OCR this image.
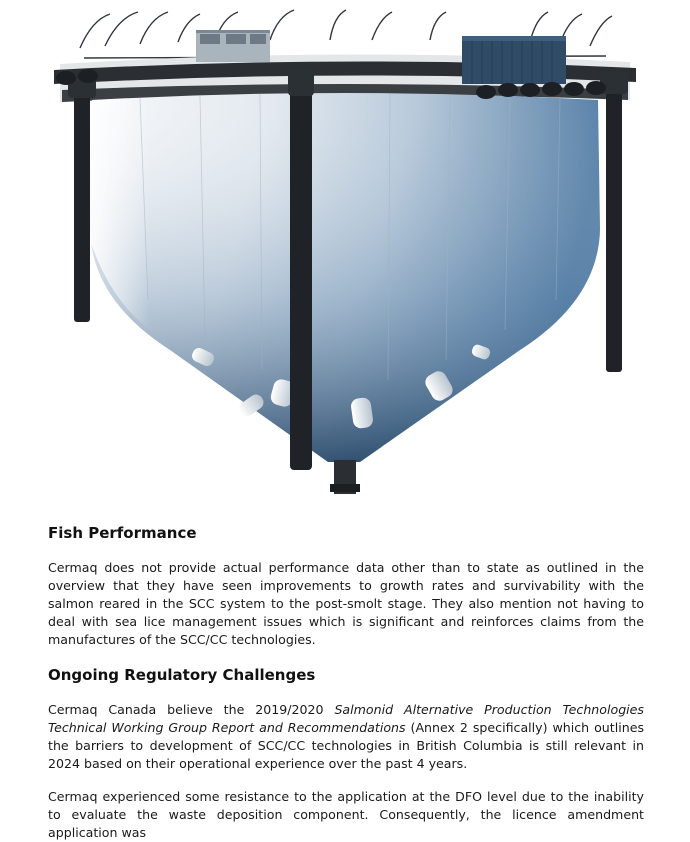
Fish Performance

Cermaq does not provide actual performance data other than to state as outlined in the overview that they have seen improvements to growth rates and survivability with the salmon reared in the SCC system to the post-smolt stage. They also mention not having to deal with sea lice management issues which is significant and reinforces claims from the manufactures of the SCC/CC technologies.

Ongoing Regulatory Challenges

Cermaq Canada believe the 2019/2020 Salmonid Alternative Production Technologies Technical Working Group Report and Recommendations (Annex 2 specifically) which outlines the barriers to development of SCC/CC technologies in British Columbia is still relevant in 2024 based on their operational experience over the past 4 years.

Cermaq experienced some resistance to the application at the DFO level due to the inability to evaluate the waste deposition component. Consequently, the licence amendment application was
